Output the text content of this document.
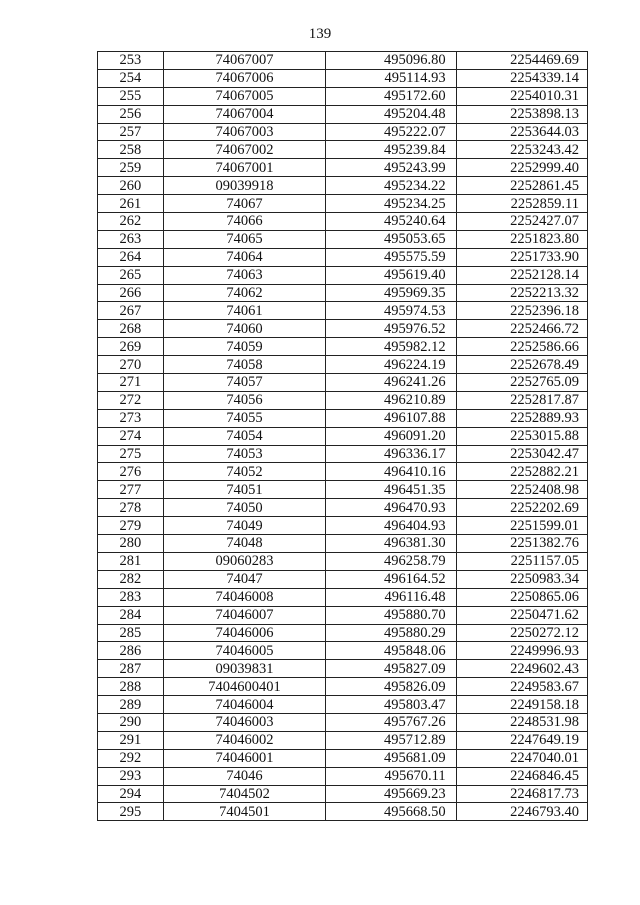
139
253	74067007	495096.80	2254469.69
254	74067006	495114.93	2254339.14
255	74067005	495172.60	2254010.31
256	74067004	495204.48	2253898.13
257	74067003	495222.07	2253644.03
258	74067002	495239.84	2253243.42
259	74067001	495243.99	2252999.40
260	09039918	495234.22	2252861.45
261	74067	495234.25	2252859.11
262	74066	495240.64	2252427.07
263	74065	495053.65	2251823.80
264	74064	495575.59	2251733.90
265	74063	495619.40	2252128.14
266	74062	495969.35	2252213.32
267	74061	495974.53	2252396.18
268	74060	495976.52	2252466.72
269	74059	495982.12	2252586.66
270	74058	496224.19	2252678.49
271	74057	496241.26	2252765.09
272	74056	496210.89	2252817.87
273	74055	496107.88	2252889.93
274	74054	496091.20	2253015.88
275	74053	496336.17	2253042.47
276	74052	496410.16	2252882.21
277	74051	496451.35	2252408.98
278	74050	496470.93	2252202.69
279	74049	496404.93	2251599.01
280	74048	496381.30	2251382.76
281	09060283	496258.79	2251157.05
282	74047	496164.52	2250983.34
283	74046008	496116.48	2250865.06
284	74046007	495880.70	2250471.62
285	74046006	495880.29	2250272.12
286	74046005	495848.06	2249996.93
287	09039831	495827.09	2249602.43
288	7404600401	495826.09	2249583.67
289	74046004	495803.47	2249158.18
290	74046003	495767.26	2248531.98
291	74046002	495712.89	2247649.19
292	74046001	495681.09	2247040.01
293	74046	495670.11	2246846.45
294	7404502	495669.23	2246817.73
295	7404501	495668.50	2246793.40
